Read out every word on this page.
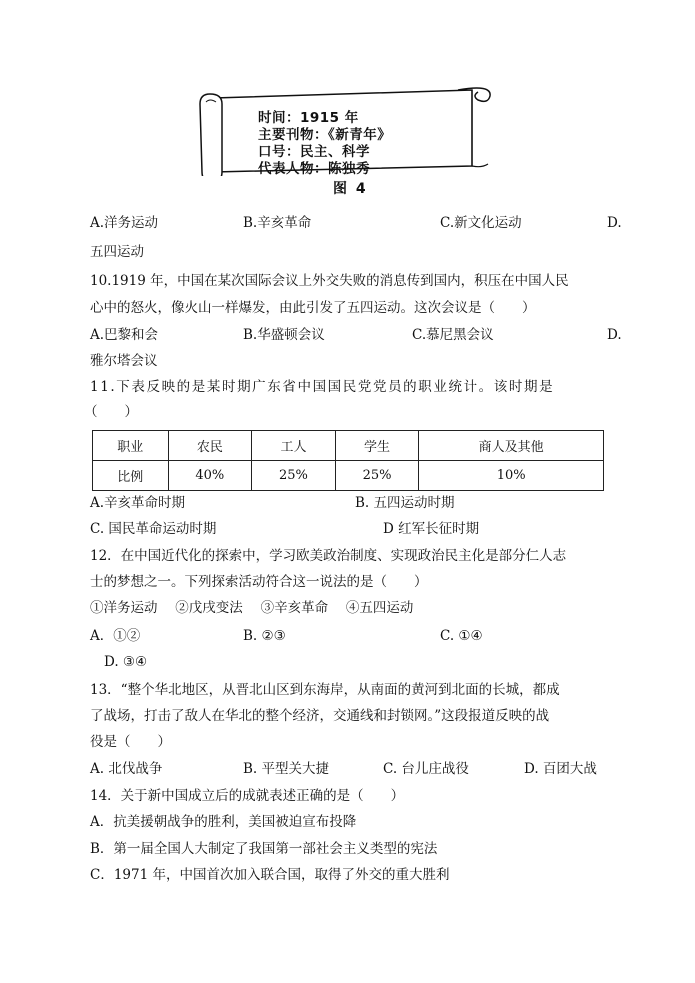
时间：1915 年
主要刊物：《新青年》
口号：民主、科学
代表人物：陈独秀
图 4
A.洋务运动	B.辛亥革命	C.新文化运动	D.
五四运动
10.1919 年，中国在某次国际会议上外交失败的消息传到国内，积压在中国人民
心中的怒火，像火山一样爆发，由此引发了五四运动。这次会议是（　　）
A.巴黎和会	B.华盛顿会议	C.慕尼黑会议	D.
雅尔塔会议
11.下表反映的是某时期广东省中国国民党党员的职业统计。该时期是
（　　）
职业	农民	工人	学生	商人及其他
比例	40%	25%	25%	10%
A.辛亥革命时期	B. 五四运动时期
C. 国民革命运动时期	D 红军长征时期
12．在中国近代化的探索中，学习欧美政治制度、实现政治民主化是部分仁人志
士的梦想之一。下列探索活动符合这一说法的是（　　）
①洋务运动　 ②戊戌变法　 ③辛亥革命　 ④五四运动
A．①②	B. ②③	C. ①④
D. ③④
13．“整个华北地区，从晋北山区到东海岸，从南面的黄河到北面的长城，都成
了战场，打击了敌人在华北的整个经济，交通线和封锁网。”这段报道反映的战
役是（　　）
A. 北伐战争	B. 平型关大捷	C. 台儿庄战役	D. 百团大战
14．关于新中国成立后的成就表述正确的是（　　）
A．抗美援朝战争的胜利，美国被迫宣布投降
B．第一届全国人大制定了我国第一部社会主义类型的宪法
C．1971 年，中国首次加入联合国，取得了外交的重大胜利
